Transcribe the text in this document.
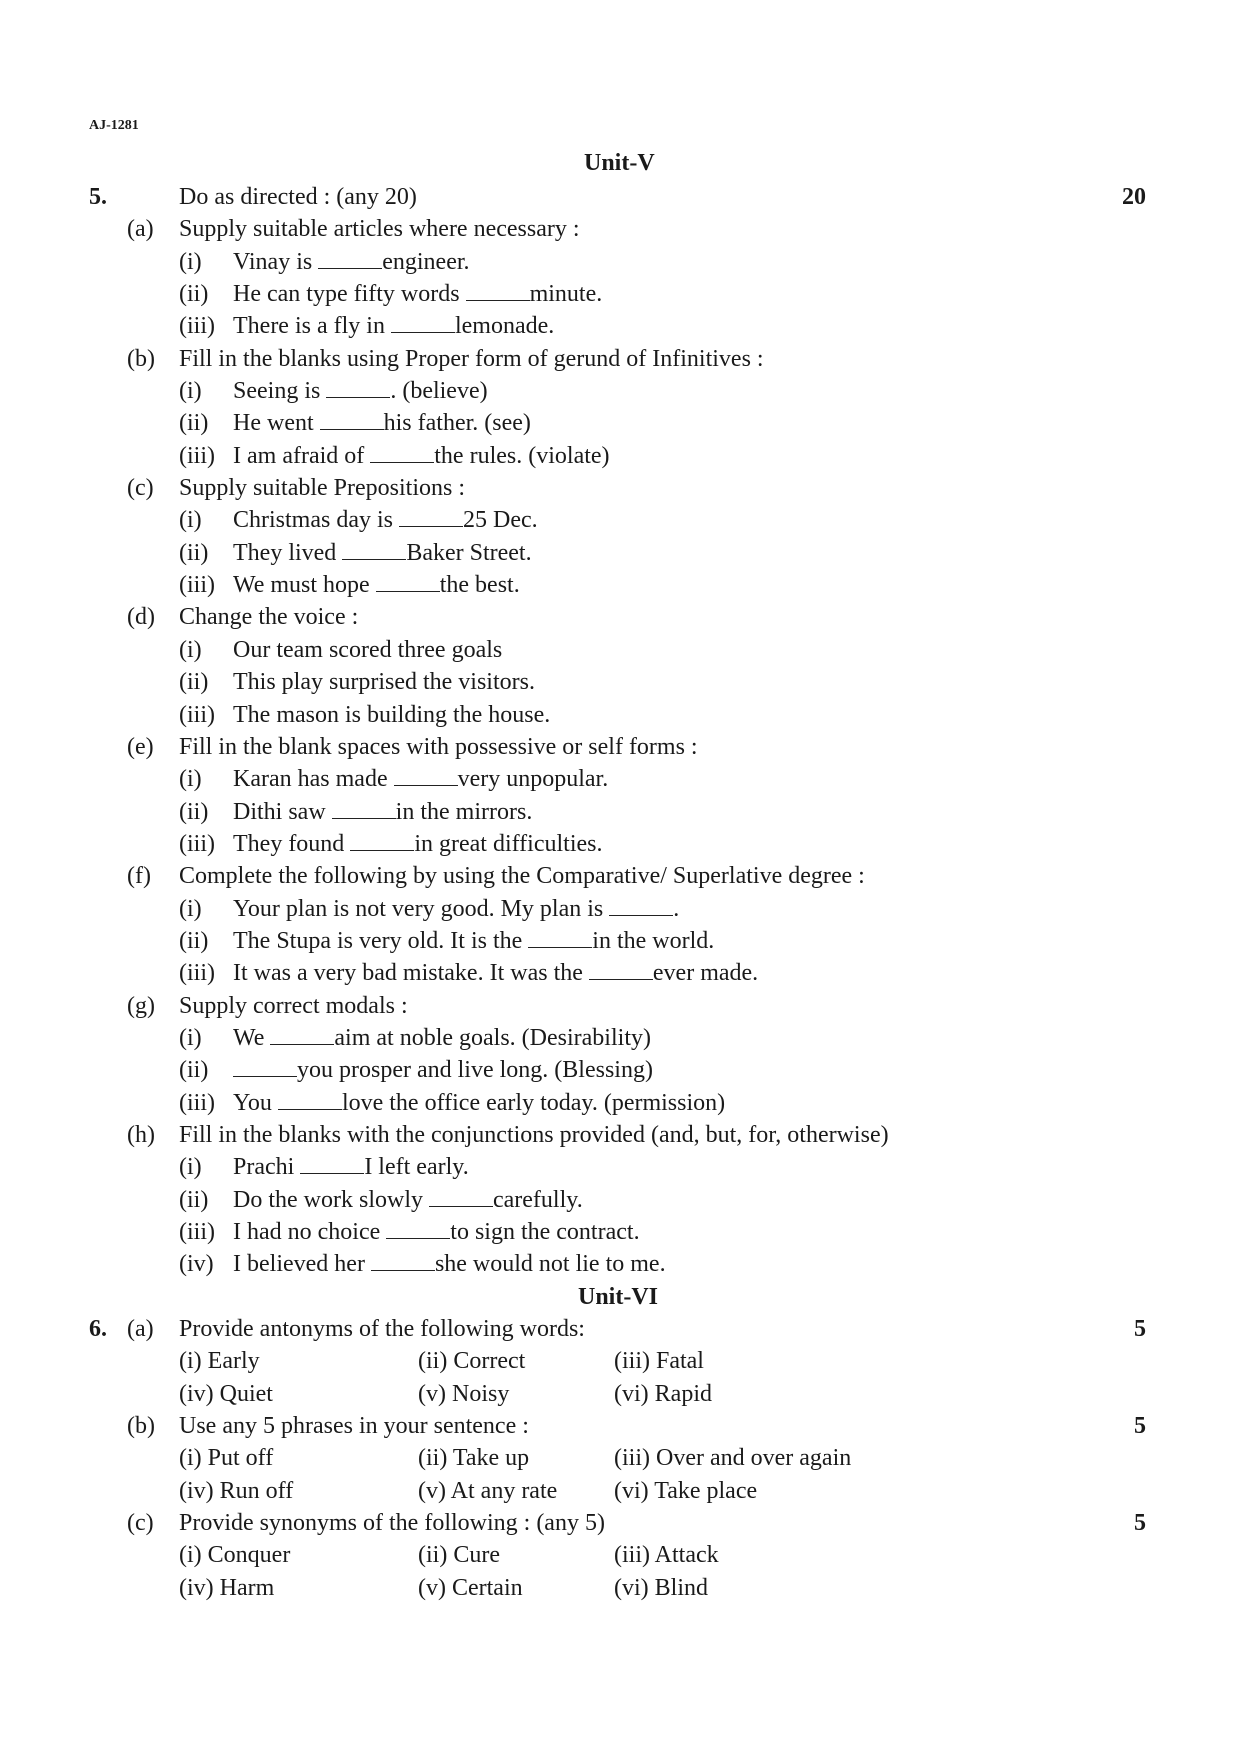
AJ-1281
Unit-V
5.	Do as directed : (any 20)	20
(a) Supply suitable articles where necessary :
(i) Vinay is	engineer.
(ii) He can type fifty words	minute.
(iii) There is a fly in	lemonade.
(b) Fill in the blanks using Proper form of gerund of Infinitives :
(i) Seeing is	. (believe)
(ii) He went	his father. (see)
(iii) I am afraid of	the rules. (violate)
(c) Supply suitable Prepositions :
(i) Christmas day is	25 Dec.
(ii) They lived	Baker Street.
(iii) We must hope	the best.
(d) Change the voice :
(i) Our team scored three goals
(ii) This play surprised the visitors.
(iii) The mason is building the house.
(e) Fill in the blank spaces with possessive or self forms :
(i) Karan has made	very unpopular.
(ii) Dithi saw	in the mirrors.
(iii) They found	in great difficulties.
(f) Complete the following by using the Comparative/ Superlative degree :
(i) Your plan is not very good. My plan is	.
(ii) The Stupa is very old. It is the	in the world.
(iii) It was a very bad mistake. It was the	ever made.
(g) Supply correct modals :
(i) We	aim at noble goals. (Desirability)
(ii)	you prosper and live long. (Blessing)
(iii) You	love the office early today. (permission)
(h) Fill in the blanks with the conjunctions provided (and, but, for, otherwise)
(i) Prachi	I left early.
(ii) Do the work slowly	carefully.
(iii) I had no choice	to sign the contract.
(iv) I believed her	she would not lie to me.
Unit-VI
6. (a) Provide antonyms of the following words:	5
(i) Early	(ii) Correct	(iii) Fatal
(iv) Quiet	(v) Noisy	(vi) Rapid
(b) Use any 5 phrases in your sentence :	5
(i) Put off	(ii) Take up	(iii) Over and over again
(iv) Run off	(v) At any rate (vi) Take place
(c) Provide synonyms of the following : (any 5)	5
(i) Conquer	(ii) Cure	(iii) Attack
(iv) Harm	(v) Certain	(vi) Blind
